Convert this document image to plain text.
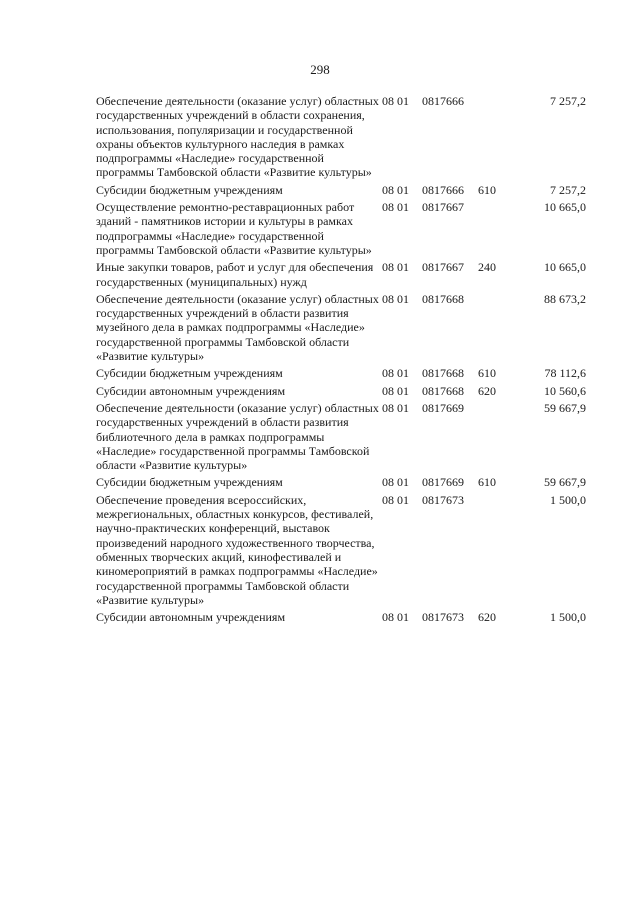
298
Обеспечение деятельности (оказание услуг) областных государственных учреждений в области сохранения, использования, популяризации и государственной охраны объектов культурного наследия в рамках подпрограммы «Наследие» государственной программы Тамбовской области «Развитие культуры»	08 01	0817666		7 257,2
Субсидии бюджетным учреждениям	08 01	0817666	610	7 257,2
Осуществление ремонтно-реставрационных работ зданий - памятников истории и культуры в рамках подпрограммы «Наследие» государственной программы Тамбовской области «Развитие культуры»	08 01	0817667		10 665,0
Иные закупки товаров, работ и услуг для обеспечения государственных (муниципальных) нужд	08 01	0817667	240	10 665,0
Обеспечение деятельности (оказание услуг) областных государственных учреждений в области развития музейного дела в рамках подпрограммы «Наследие» государственной программы Тамбовской области «Развитие культуры»	08 01	0817668		88 673,2
Субсидии бюджетным учреждениям	08 01	0817668	610	78 112,6
Субсидии автономным учреждениям	08 01	0817668	620	10 560,6
Обеспечение деятельности (оказание услуг) областных государственных учреждений в области развития библиотечного дела в рамках подпрограммы «Наследие» государственной программы Тамбовской области «Развитие культуры»	08 01	0817669		59 667,9
Субсидии бюджетным учреждениям	08 01	0817669	610	59 667,9
Обеспечение проведения всероссийских, межрегиональных, областных конкурсов, фестивалей, научно-практических конференций, выставок произведений народного художественного творчества, обменных творческих акций, кинофестивалей и киномероприятий в рамках подпрограммы «Наследие» государственной программы Тамбовской области «Развитие культуры»	08 01	0817673		1 500,0
Субсидии автономным учреждениям	08 01	0817673	620	1 500,0
